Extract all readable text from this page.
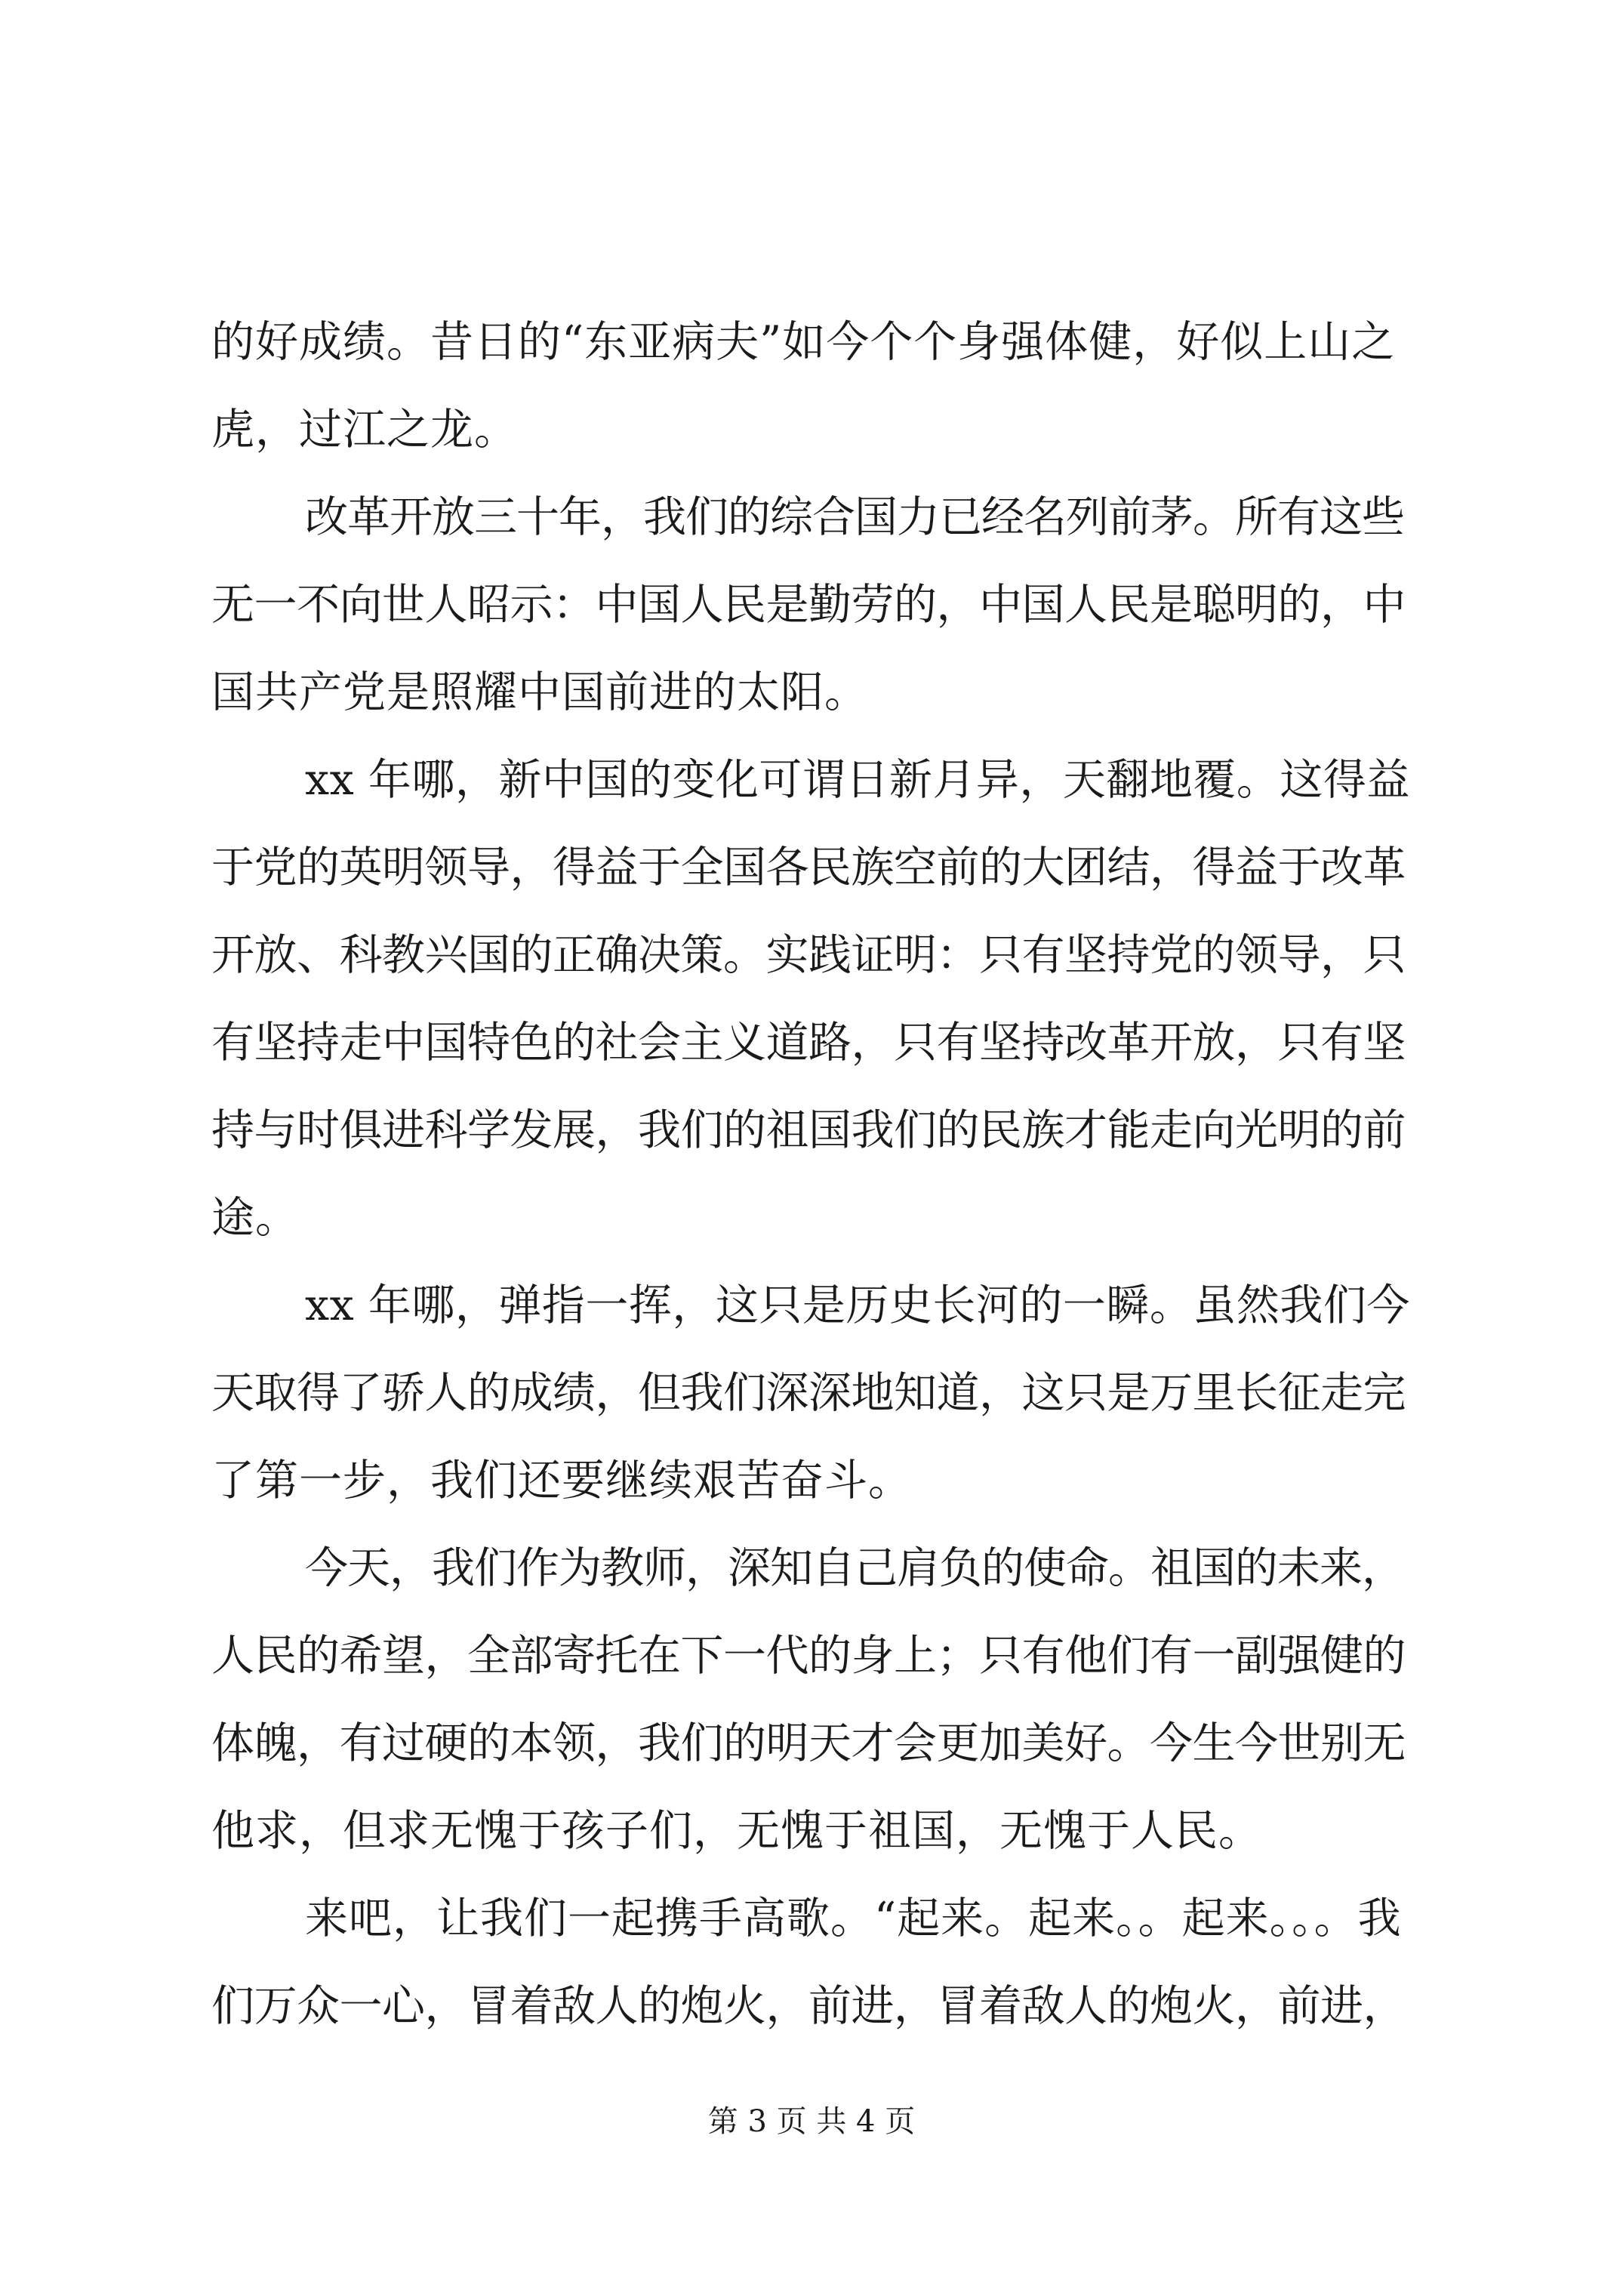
的好成绩。昔日的“东亚病夫”如今个个身强体健，好似上山之
虎，过江之龙。
改革开放三十年，我们的综合国力已经名列前茅。所有这些
无一不向世人昭示：中国人民是勤劳的，中国人民是聪明的，中
国共产党是照耀中国前进的太阳。
xx 年哪，新中国的变化可谓日新月异，天翻地覆。这得益
于党的英明领导，得益于全国各民族空前的大团结，得益于改革
开放、科教兴国的正确决策。实践证明：只有坚持党的领导，只
有坚持走中国特色的社会主义道路，只有坚持改革开放，只有坚
持与时俱进科学发展，我们的祖国我们的民族才能走向光明的前
途。
xx 年哪，弹指一挥，这只是历史长河的一瞬。虽然我们今
天取得了骄人的成绩，但我们深深地知道，这只是万里长征走完
了第一步，我们还要继续艰苦奋斗。
今天，我们作为教师，深知自己肩负的使命。祖国的未来，
人民的希望，全部寄托在下一代的身上；只有他们有一副强健的
体魄，有过硬的本领，我们的明天才会更加美好。今生今世别无
他求，但求无愧于孩子们，无愧于祖国，无愧于人民。
来吧，让我们一起携手高歌。“起来。起来。。起来。。。我
们万众一心，冒着敌人的炮火，前进，冒着敌人的炮火，前进，
第 3 页 共 4 页
